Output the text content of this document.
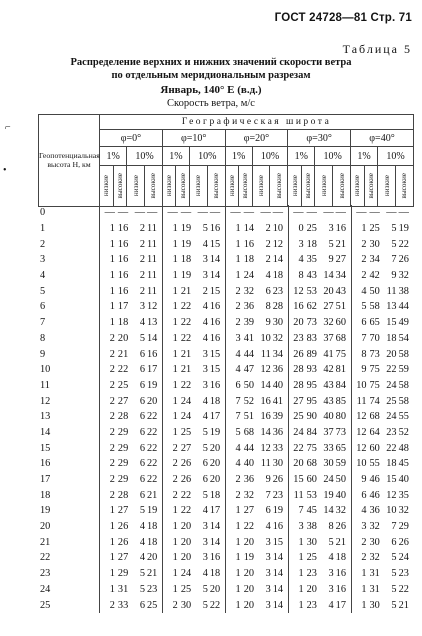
ГОСТ 24728—81 Стр. 71
Таблица 5
Распределение верхних и нижних значений скорости ветра
по отдельным меридиональным разрезам
Январь, 140° Е (в.д.)
Скорость ветра, м/с
⌐
•
Геопотенциальная высота H, км	Географическая широта																			
	φ=0°				φ=10°				φ=20°				φ=30°				φ=40°			
	1%		10%		1%		10%		1%		10%		1%		10%		1%		10%	

	низкие	высокие	низкие	высокие	низкие	высокие	низкие	высокие	низкие	высокие	низкие	высокие	низкие	высокие	низкие	высокие	низкие	высокие	низкие	высокие
0	—	—	—	—	—	—	—	—	—	—	—	—	—	—	—	—	—	—	—	—
1	1	16	2	11	1	19	5	16	1	14	2	10	0	25	3	16	1	25	5	19
2	1	16	2	11	1	19	4	15	1	16	2	12	3	18	5	21	2	30	5	22
3	1	16	2	11	1	18	3	14	1	18	2	14	4	35	9	27	2	34	7	26
4	1	16	2	11	1	19	3	14	1	24	4	18	8	43	14	34	2	42	9	32
5	1	16	2	11	1	21	2	15	2	32	6	23	12	53	20	43	4	50	11	38
6	1	17	3	12	1	22	4	16	2	36	8	28	16	62	27	51	5	58	13	44
7	1	18	4	13	1	22	4	16	2	39	9	30	20	73	32	60	6	65	15	49
8	2	20	5	14	1	22	4	16	3	41	10	32	23	83	37	68	7	70	18	54
9	2	21	6	16	1	21	3	15	4	44	11	34	26	89	41	75	8	73	20	58
10	2	22	6	17	1	21	3	15	4	47	12	36	28	93	42	81	9	75	22	59
11	2	25	6	19	1	22	3	16	6	50	14	40	28	95	43	84	10	75	24	58
12	2	27	6	20	1	24	4	18	7	52	16	41	27	95	43	85	11	74	25	58
13	2	28	6	22	1	24	4	17	7	51	16	39	25	90	40	80	12	68	24	55
14	2	29	6	22	1	25	5	19	5	68	14	36	24	84	37	73	12	64	23	52
15	2	29	6	22	2	27	5	20	4	44	12	33	22	75	33	65	12	60	22	48
16	2	29	6	22	2	26	6	20	4	40	11	30	20	68	30	59	10	55	18	45
17	2	29	6	22	2	26	6	20	2	36	9	26	15	60	24	50	9	46	15	40
18	2	28	6	21	2	22	5	18	2	32	7	23	11	53	19	40	6	46	12	35
19	1	27	5	19	1	22	4	17	1	27	6	19	7	45	14	32	4	36	10	32
20	1	26	4	18	1	20	3	14	1	22	4	16	3	38	8	26	3	32	7	29
21	1	26	4	18	1	20	3	14	1	20	3	15	1	30	5	21	2	30	6	26
22	1	27	4	20	1	20	3	16	1	19	3	14	1	25	4	18	2	32	5	24
23	1	29	5	21	1	24	4	18	1	20	3	14	1	23	3	16	1	31	5	23
24	1	31	5	23	1	25	5	20	1	20	3	14	1	20	3	16	1	31	5	22
25	2	33	6	25	2	30	5	22	1	20	3	14	1	23	4	17	1	30	5	21
